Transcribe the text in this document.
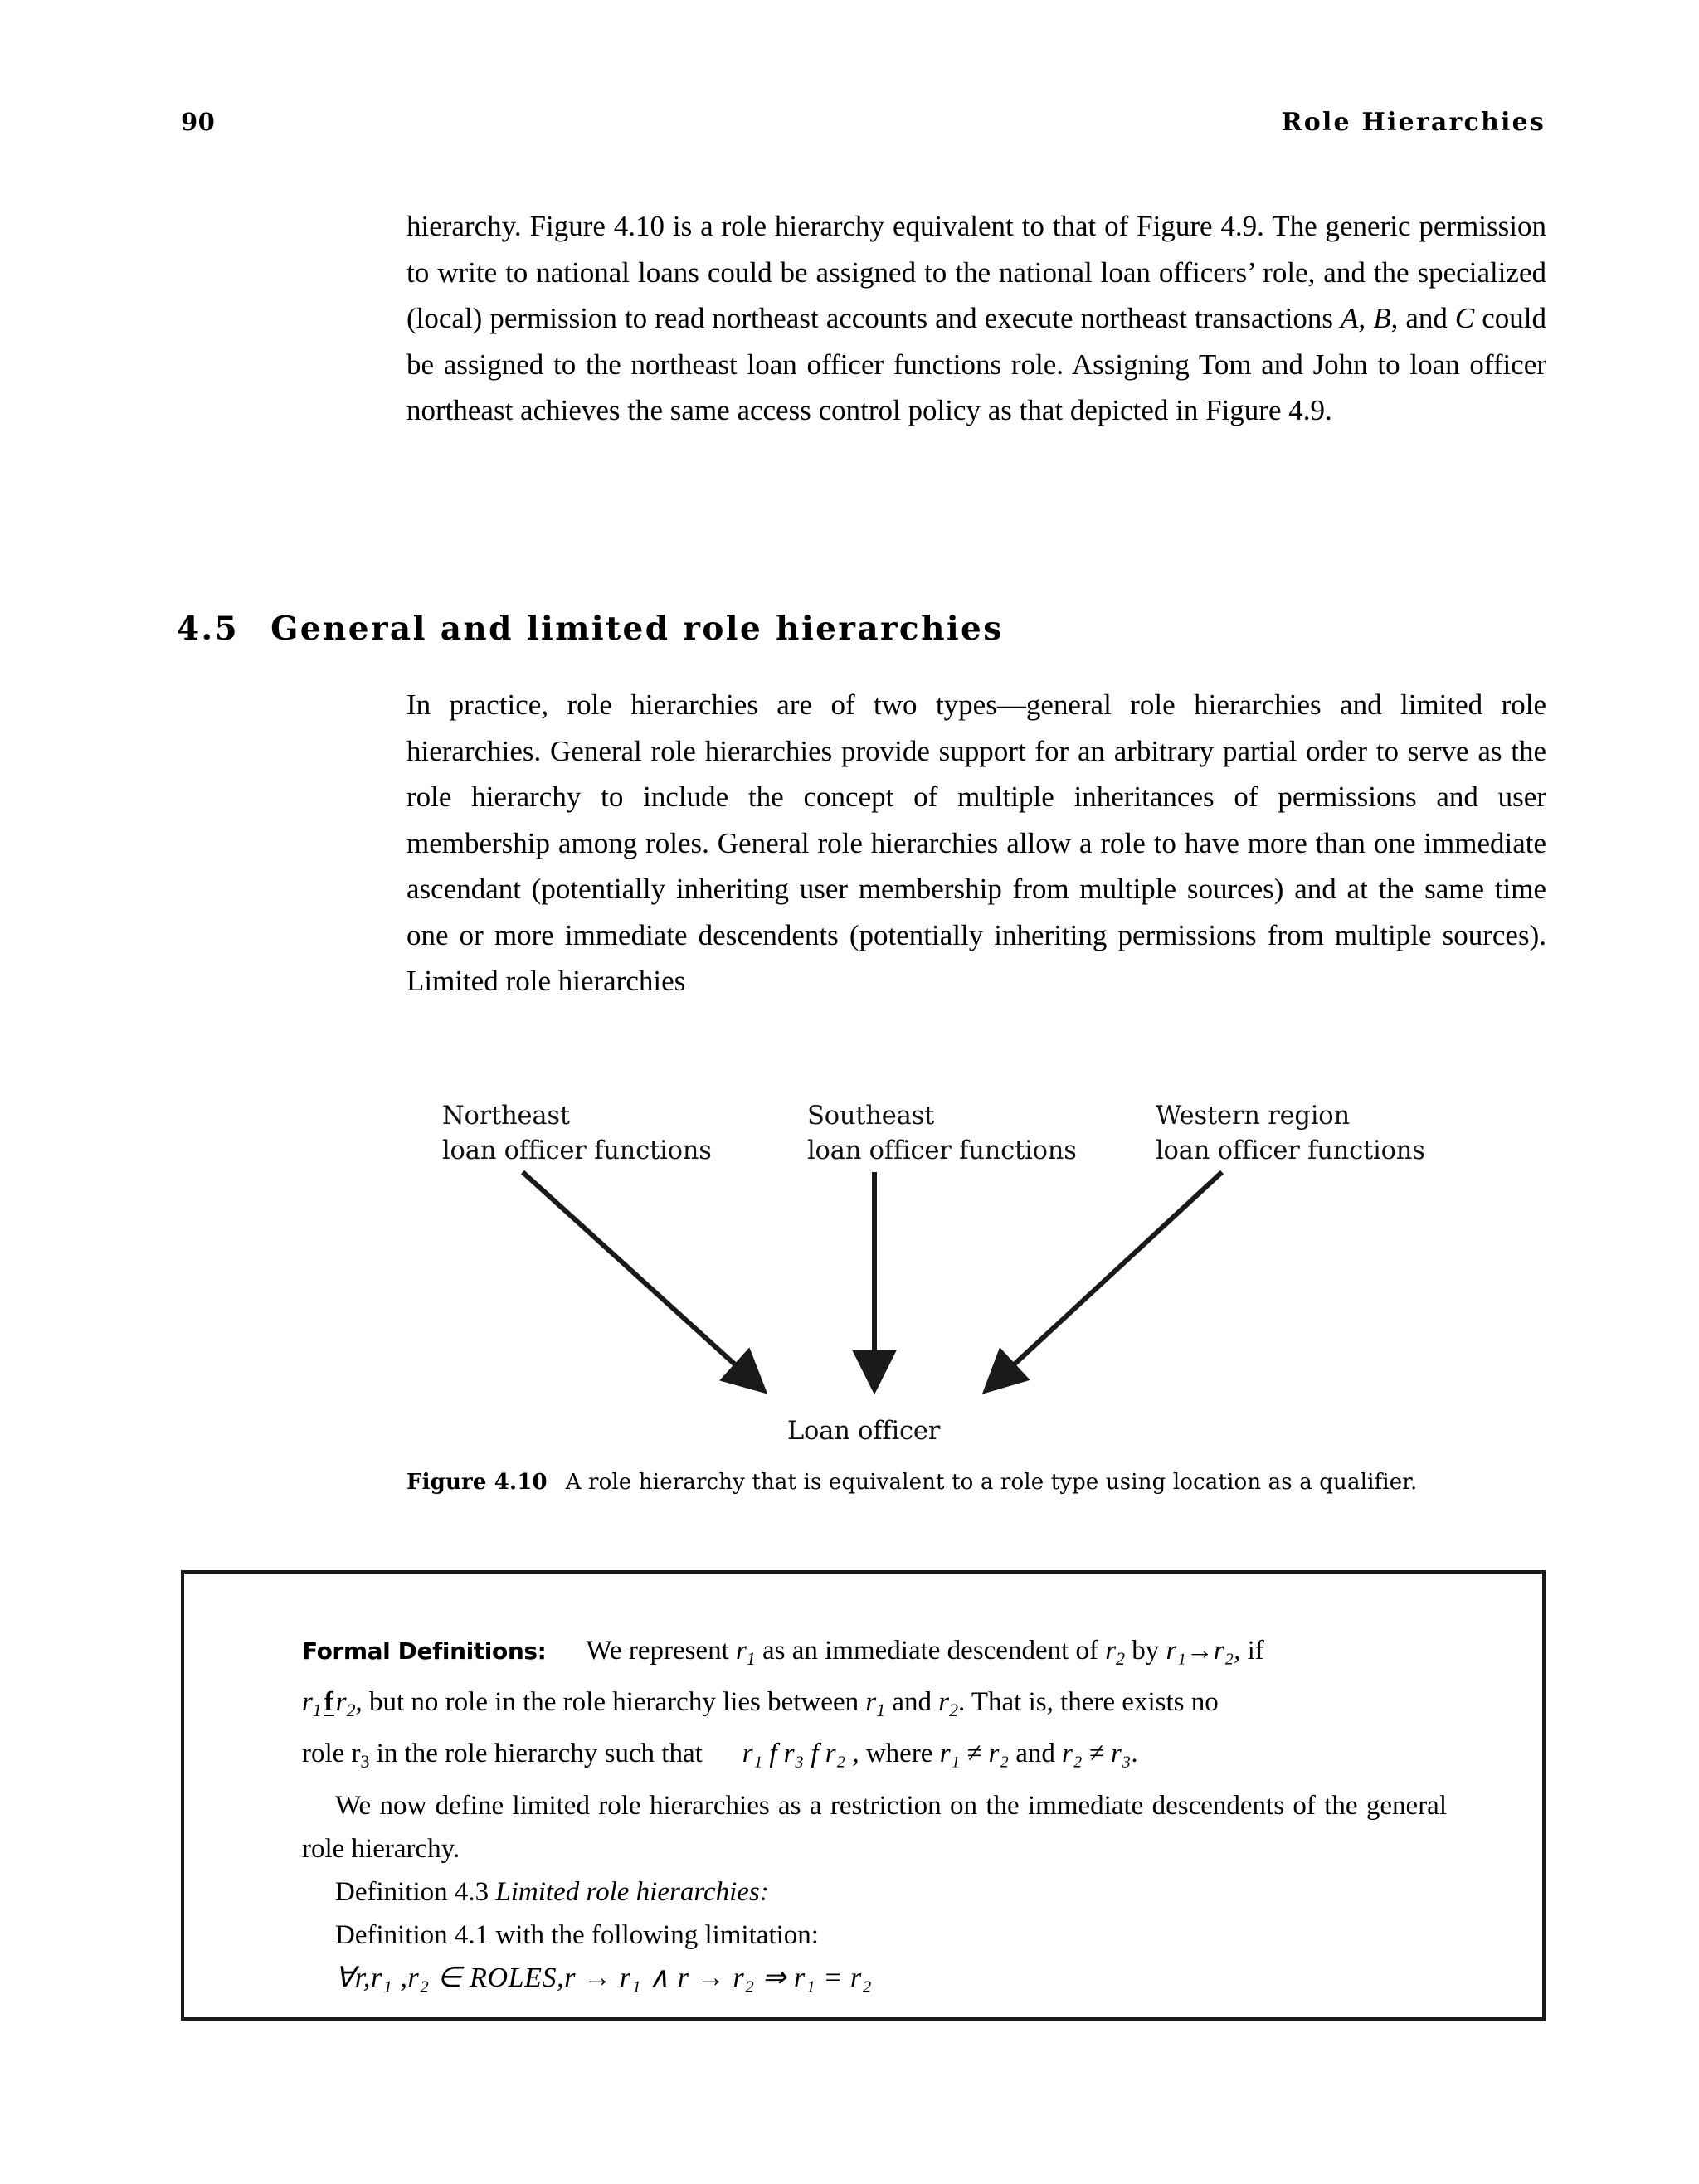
90	Role Hierarchies

hierarchy. Figure 4.10 is a role hierarchy equivalent to that of Figure 4.9. The generic permission to write to national loans could be assigned to the national loan officers’ role, and the specialized (local) permission to read northeast accounts and execute northeast transactions A, B, and C could be assigned to the northeast loan officer functions role. Assigning Tom and John to loan officer northeast achieves the same access control policy as that depicted in Figure 4.9.

4.5 General and limited role hierarchies

In practice, role hierarchies are of two types—general role hierarchies and limited role hierarchies. General role hierarchies provide support for an arbitrary partial order to serve as the role hierarchy to include the concept of multiple inheritances of permissions and user membership among roles. General role hierarchies allow a role to have more than one immediate ascendant (potentially inheriting user membership from multiple sources) and at the same time one or more immediate descendents (potentially inheriting permissions from multiple sources). Limited role hierarchies

Northeast
loan officer functions
Southeast
loan officer functions
Western region
loan officer functions
Loan officer
Figure 4.10 A role hierarchy that is equivalent to a role type using location as a qualifier.

Formal Definitions: We represent $r_1$ as an immediate descendent of $r_2$ by r₁→r₂, if

$r_1fr_2$, but no role in the role hierarchy lies between $r_1$ and $r_2$. That is, there exists no

role $r_3$ in the role hierarchy such that r₁ f r₃ f r₂ , where r₁ ≠ r₂ and r₂ ≠ r₃.

We now define limited role hierarchies as a restriction on the immediate descendents of the general role hierarchy.

Definition 4.3 Limited role hierarchies:

Definition 4.1 with the following limitation:

∀r,r₁ ,r₂ ∈ ROLES,r → r₁ ∧ r → r₂ ⇒ r₁ = r₂
